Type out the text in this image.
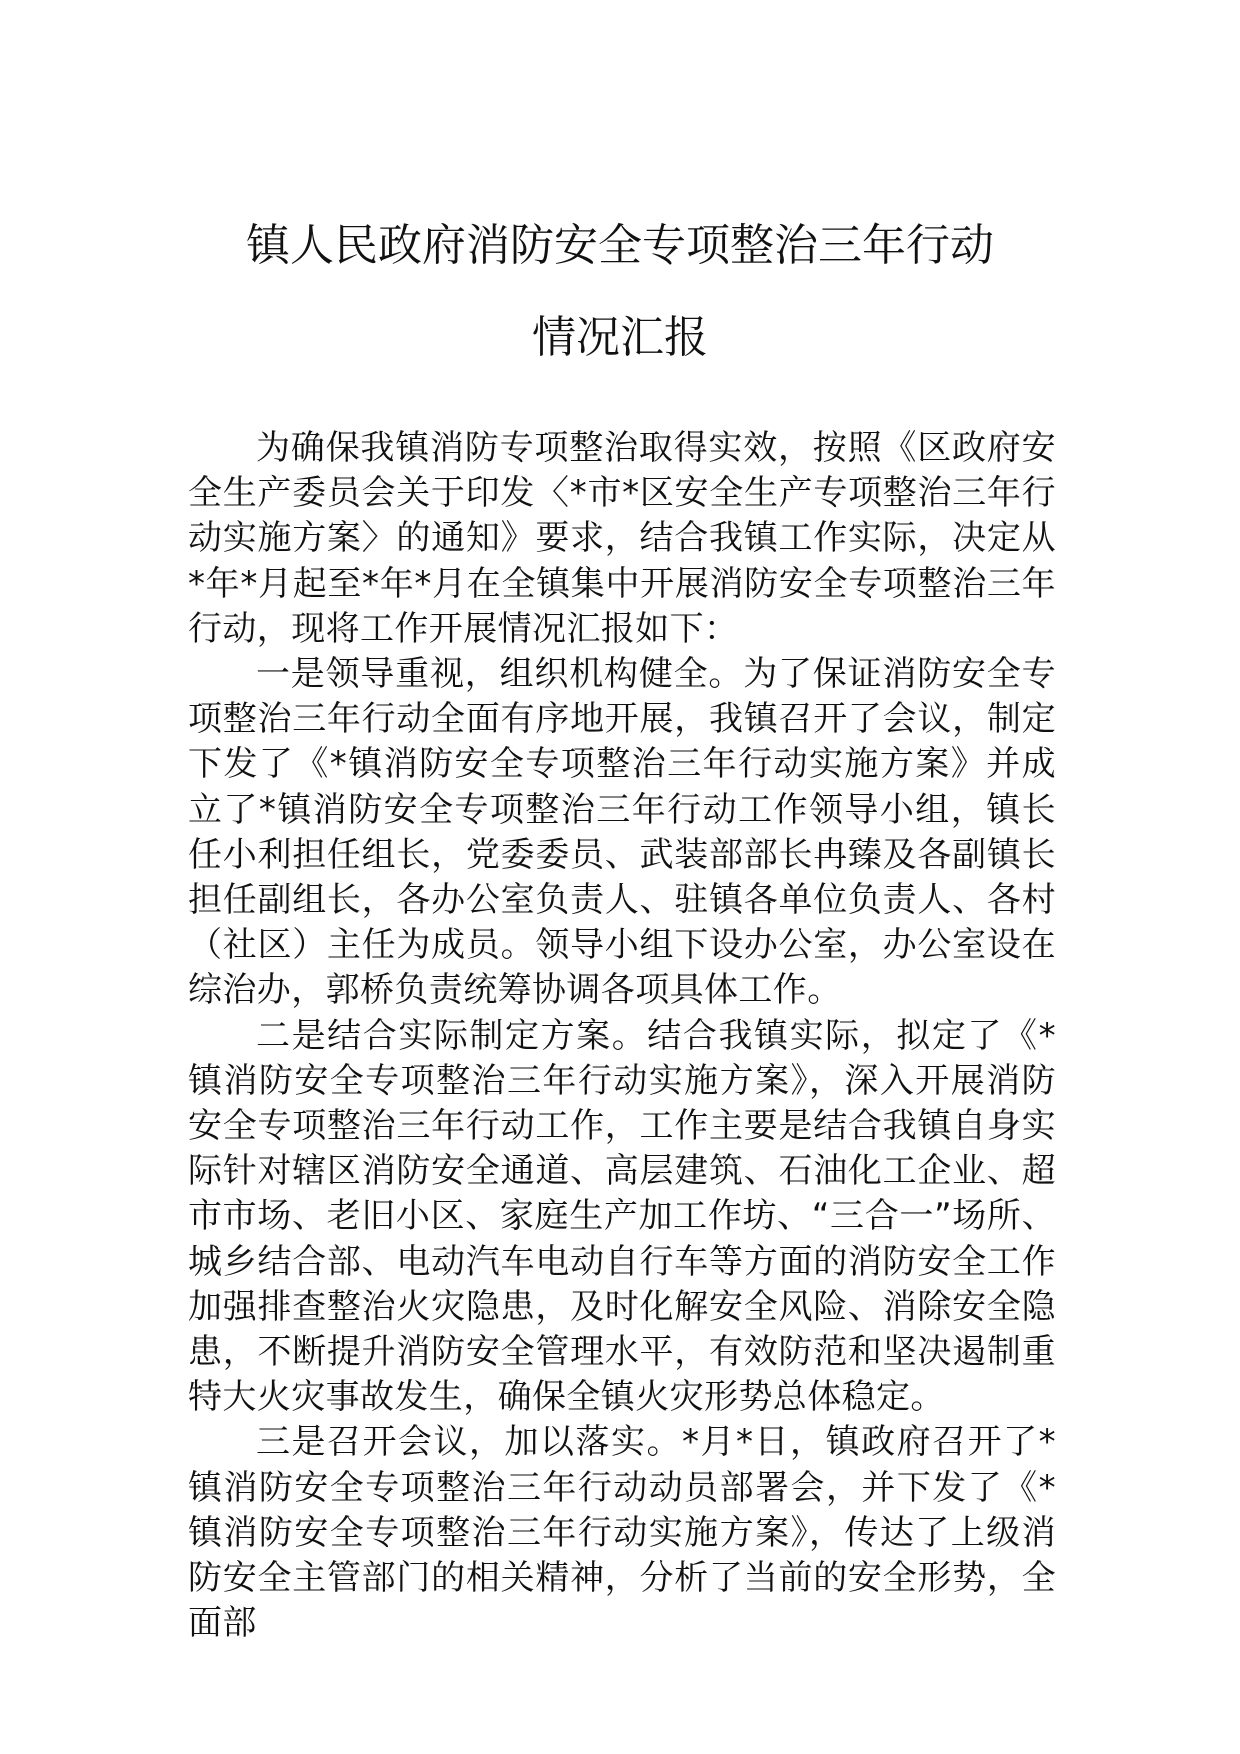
镇人民政府消防安全专项整治三年行动
情况汇报

为确保我镇消防专项整治取得实效，按照《区政府安全生产委员会关于印发〈*市*区安全生产专项整治三年行动实施方案〉的通知》要求，结合我镇工作实际，决定从*年*月起至*年*月在全镇集中开展消防安全专项整治三年行动，现将工作开展情况汇报如下：

一是领导重视，组织机构健全。为了保证消防安全专项整治三年行动全面有序地开展，我镇召开了会议，制定下发了《*镇消防安全专项整治三年行动实施方案》并成立了*镇消防安全专项整治三年行动工作领导小组，镇长任小利担任组长，党委委员、武装部部长冉臻及各副镇长担任副组长，各办公室负责人、驻镇各单位负责人、各村（社区）主任为成员。领导小组下设办公室，办公室设在综治办，郭桥负责统筹协调各项具体工作。

二是结合实际制定方案。结合我镇实际，拟定了《*镇消防安全专项整治三年行动实施方案》，深入开展消防安全专项整治三年行动工作，工作主要是结合我镇自身实际针对辖区消防安全通道、高层建筑、石油化工企业、超市市场、老旧小区、家庭生产加工作坊、“三合一”场所、城乡结合部、电动汽车电动自行车等方面的消防安全工作加强排查整治火灾隐患，及时化解安全风险、消除安全隐患，不断提升消防安全管理水平，有效防范和坚决遏制重特大火灾事故发生，确保全镇火灾形势总体稳定。

三是召开会议，加以落实。*月*日，镇政府召开了*镇消防安全专项整治三年行动动员部署会，并下发了《*镇消防安全专项整治三年行动实施方案》，传达了上级消防安全主管部门的相关精神，分析了当前的安全形势，全面部
